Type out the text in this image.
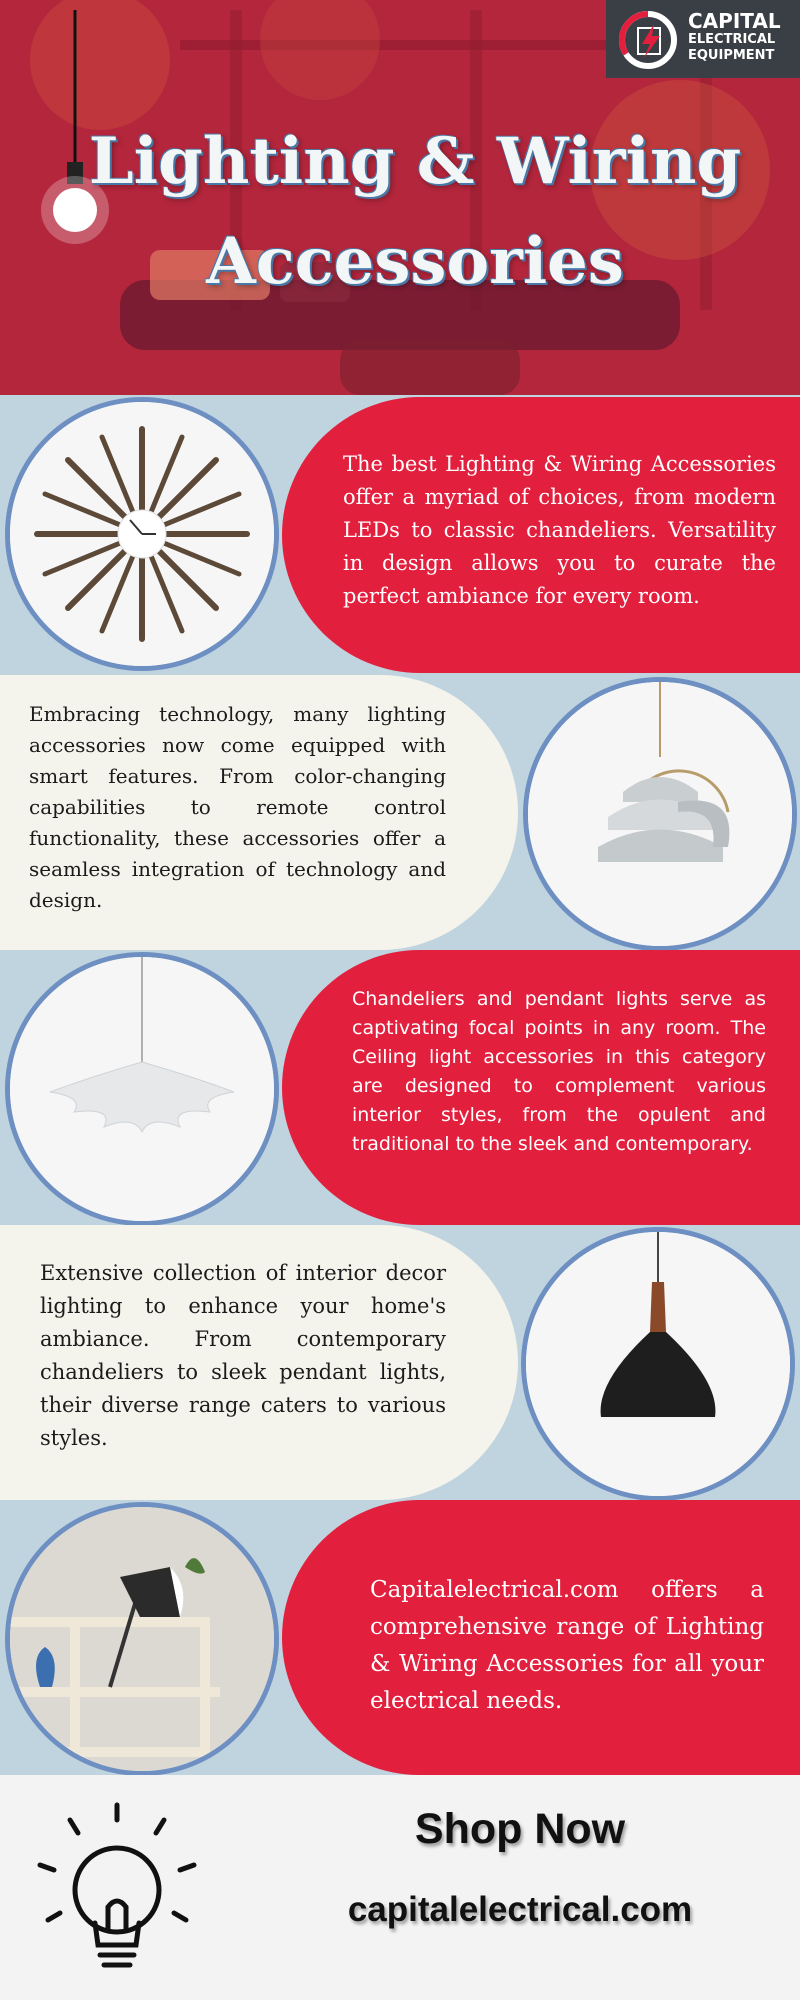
Lighting & Wiring
Accessories
CAPITAL
ELECTRICAL
EQUIPMENT
The best Lighting & Wiring Accessories offer a myriad of choices, from modern LEDs to classic chandeliers. Versatility in design allows you to curate the perfect ambiance for every room.
Embracing technology, many lighting accessories now come equipped with smart features. From color-changing capabilities to remote control functionality, these accessories offer a seamless integration of technology and design.
Chandeliers and pendant lights serve as captivating focal points in any room. The Ceiling light accessories in this category are designed to complement various interior styles, from the opulent and traditional to the sleek and contemporary.
Extensive collection of interior decor lighting to enhance your home's ambiance. From contemporary chandeliers to sleek pendant lights, their diverse range caters to various styles.
Capitalelectrical.com offers a comprehensive range of Lighting & Wiring Accessories for all your electrical needs.
Shop Now
capitalelectrical.com
